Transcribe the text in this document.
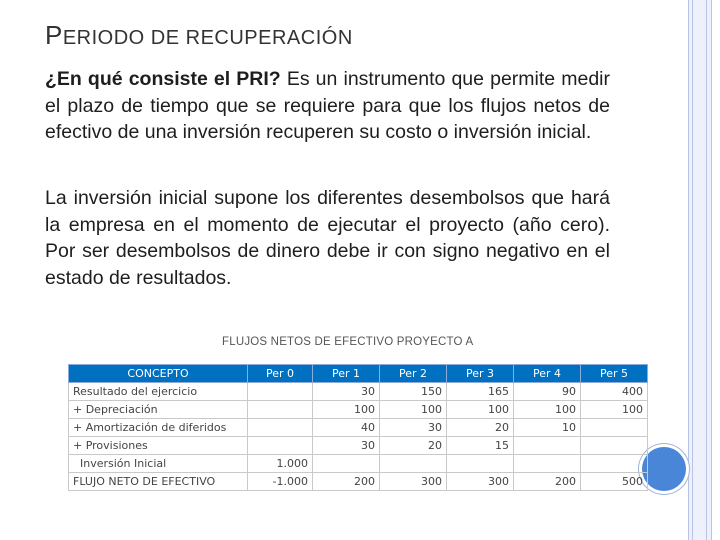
PERIODO DE RECUPERACIÓN

¿En qué consiste el PRI? Es un instrumento que permite medir el plazo de tiempo que se requiere para que los flujos netos de efectivo de una inversión recuperen su costo o inversión inicial.

La inversión inicial supone los diferentes desembolsos que hará la empresa en el momento de ejecutar el proyecto (año cero). Por ser desembolsos de dinero debe ir con signo negativo en el estado de resultados.

FLUJOS NETOS DE EFECTIVO PROYECTO A

CONCEPTO	Per 0	Per 1	Per 2	Per 3	Per 4	Per 5
Resultado del ejercicio		30	150	165	90	400
+ Depreciación		100	100	100	100	100
+ Amortización de diferidos		40	30	20	10	
+ Provisiones		30	20	15		
Inversión Inicial	1.000					
FLUJO NETO DE EFECTIVO	-1.000	200	300	300	200	500
